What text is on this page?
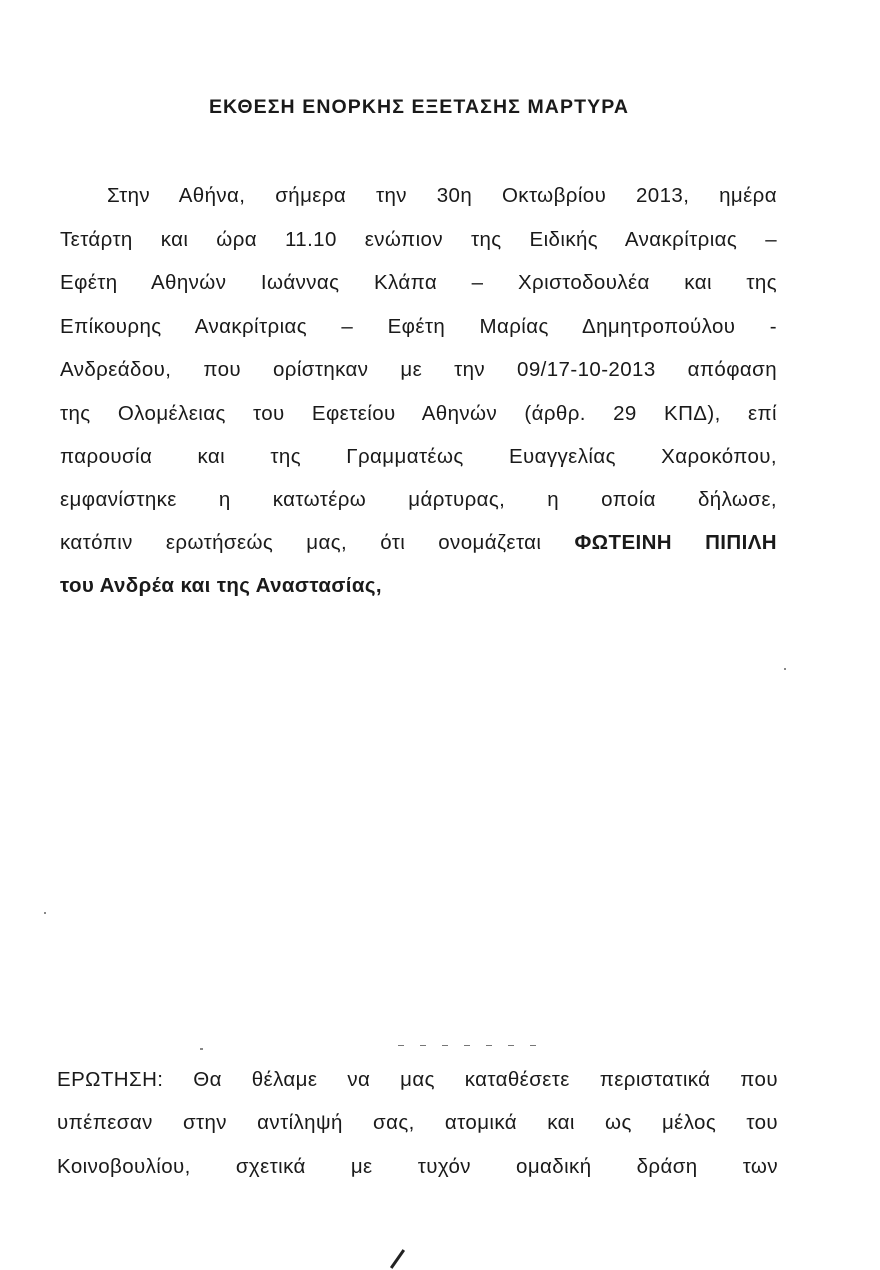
ΕΚΘΕΣΗ ΕΝΟΡΚΗΣ ΕΞΕΤΑΣΗΣ ΜΑΡΤΥΡΑ
Στην Αθήνα, σήμερα την 30η Οκτωβρίου 2013, ημέρα
Τετάρτη και ώρα 11.10 ενώπιον της Ειδικής Ανακρίτριας –
Εφέτη Αθηνών Ιωάννας Κλάπα – Χριστοδουλέα και της
Επίκουρης Ανακρίτριας – Εφέτη Μαρίας Δημητροπούλου -
Ανδρεάδου, που ορίστηκαν με την 09/17-10-2013 απόφαση
της Ολομέλειας του Εφετείου Αθηνών (άρθρ. 29 ΚΠΔ), επί
παρουσία και της Γραμματέως Ευαγγελίας Χαροκόπου,
εμφανίστηκε η κατωτέρω μάρτυρας, η οποία δήλωσε,
κατόπιν ερωτήσεώς μας, ότι ονομάζεται ΦΩΤΕΙΝΗ ΠΙΠΙΛΗ
του Ανδρέα και της Αναστασίας,
ΕΡΩΤΗΣΗ: Θα θέλαμε να μας καταθέσετε περιστατικά που
υπέπεσαν στην αντίληψή σας, ατομικά και ως μέλος του
Κοινοβουλίου, σχετικά με τυχόν ομαδική δράση των
